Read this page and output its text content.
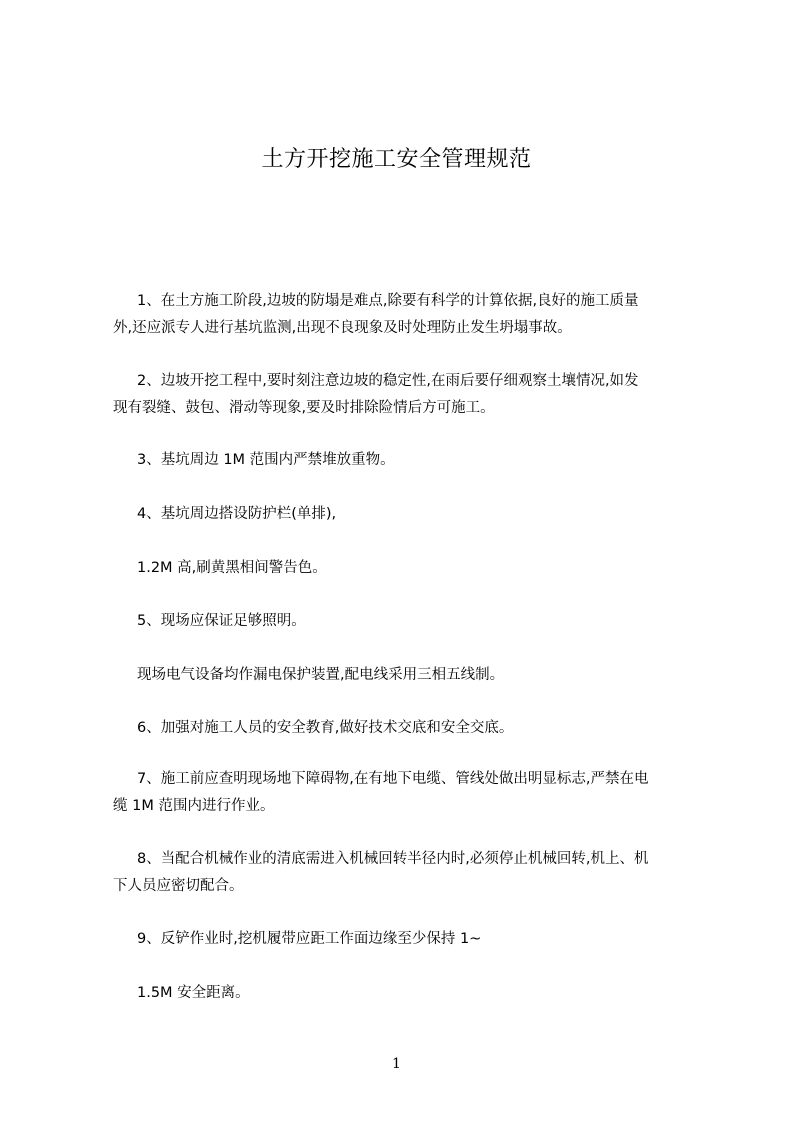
土方开挖施工安全管理规范
1、在土方施工阶段,边坡的防塌是难点,除要有科学的计算依据,良好的施工质量
外,还应派专人进行基坑监测,出现不良现象及时处理防止发生坍塌事故。
2、边坡开挖工程中,要时刻注意边坡的稳定性,在雨后要仔细观察土壤情况,如发
现有裂缝、鼓包、滑动等现象,要及时排除险情后方可施工。
3、基坑周边 1M 范围内严禁堆放重物。
4、基坑周边搭设防护栏(单排),
1.2M 高,刷黄黑相间警告色。
5、现场应保证足够照明。
现场电气设备均作漏电保护装置,配电线采用三相五线制。
6、加强对施工人员的安全教育,做好技术交底和安全交底。
7、施工前应查明现场地下障碍物,在有地下电缆、管线处做出明显标志,严禁在电
缆 1M 范围内进行作业。
8、当配合机械作业的清底需进入机械回转半径内时,必须停止机械回转,机上、机
下人员应密切配合。
9、反铲作业时,挖机履带应距工作面边缘至少保持 1~
1.5M 安全距离。
1
